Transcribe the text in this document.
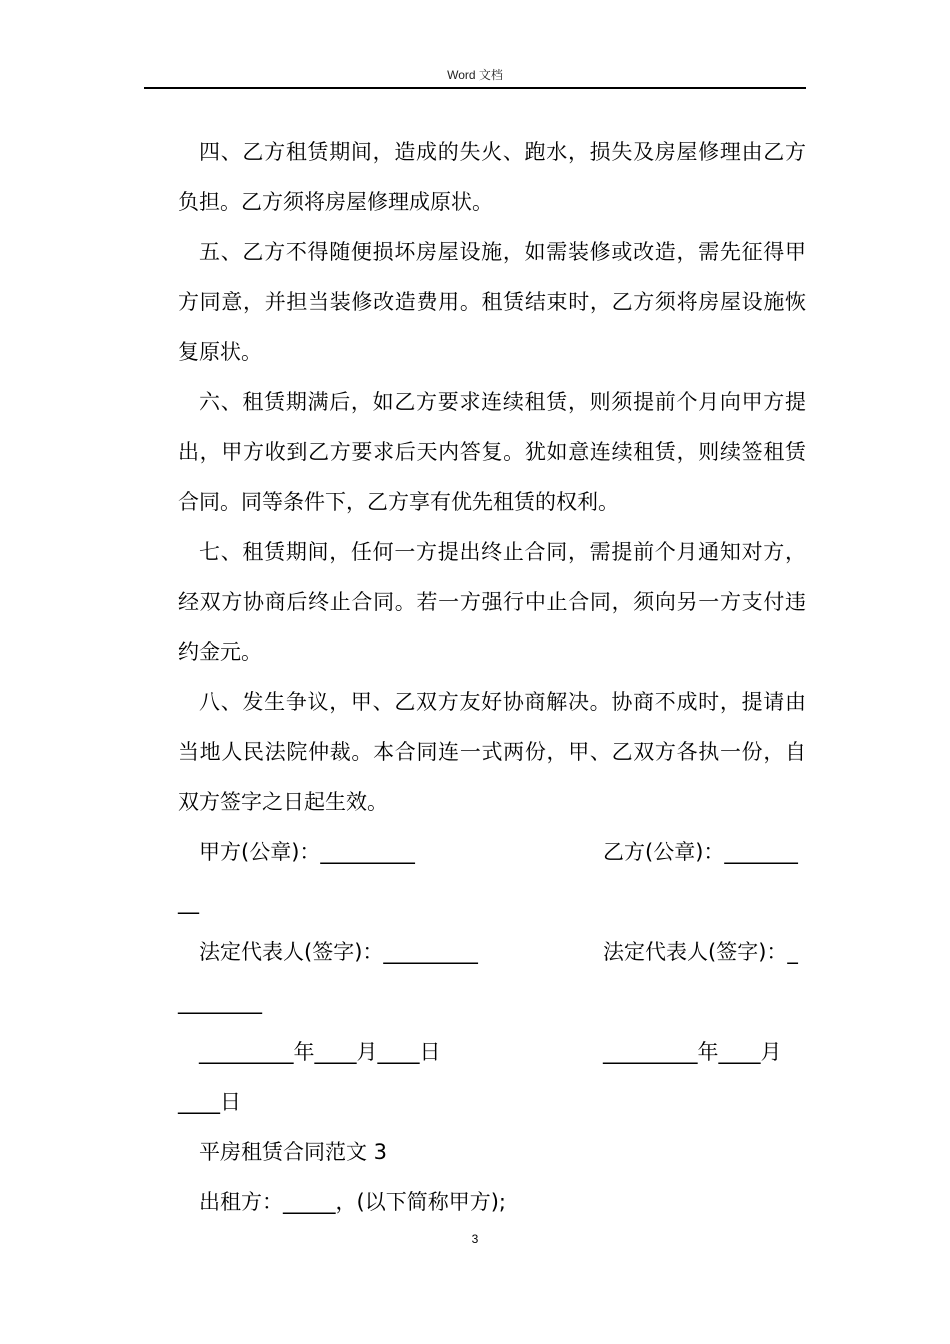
Word 文档

四、乙方租赁期间，造成的失火、跑水，损失及房屋修理由乙方负担。乙方须将房屋修理成原状。

五、乙方不得随便损坏房屋设施，如需装修或改造，需先征得甲方同意，并担当装修改造费用。租赁结束时，乙方须将房屋设施恢复原状。

六、租赁期满后，如乙方要求连续租赁，则须提前个月向甲方提出，甲方收到乙方要求后天内答复。犹如意连续租赁，则续签租赁合同。同等条件下，乙方享有优先租赁的权利。

七、租赁期间，任何一方提出终止合同，需提前个月通知对方，经双方协商后终止合同。若一方强行中止合同，须向另一方支付违约金元。

八、发生争议，甲、乙双方友好协商解决。协商不成时，提请由当地人民法院仲裁。本合同连一式两份，甲、乙双方各执一份，自双方签字之日起生效。

甲方(公章)：_________

	乙方(公章)：_______

__

法定代表人(签字)：_________

	法定代表人(签字)：_

________

_________年____月____日

	_________年____月

____日

平房租赁合同范文 3

出租方：_____，(以下简称甲方);

3
